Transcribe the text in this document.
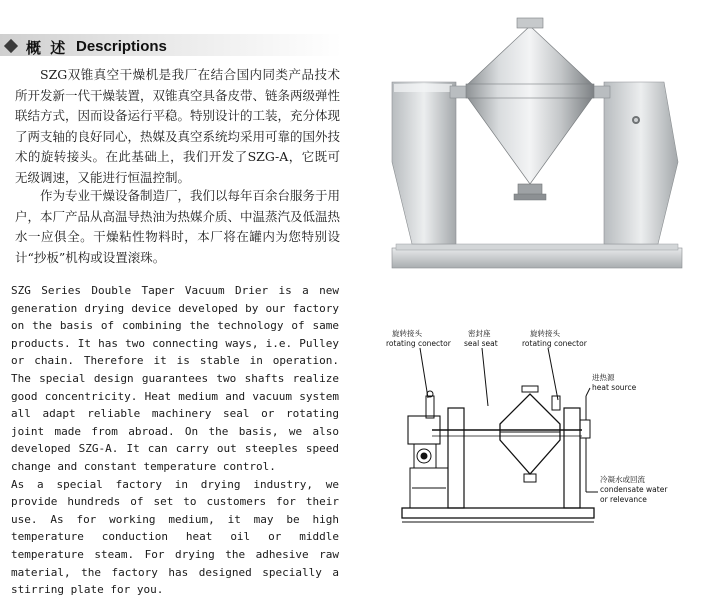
概 述 Descriptions

SZG双锥真空干燥机是我厂在结合国内同类产品技术所开发新一代干燥装置，双锥真空具备皮带、链条两级弹性联结方式，因而设备运行平稳。特别设计的工装，充分体现了两支轴的良好同心，热媒及真空系统均采用可靠的国外技术的旋转接头。在此基础上，我们开发了SZG-A，它既可无级调速，又能进行恒温控制。

作为专业干燥设备制造厂，我们以每年百余台服务于用户，本厂产品从高温导热油为热媒介质、中温蒸汽及低温热水一应俱全。干燥粘性物料时，本厂将在罐内为您特别设计“抄板”机构或设置滚珠。

SZG Series Double Taper Vacuum Drier is a new generation drying device developed by our factory on the basis of combining the technology of same products. It has two connecting ways, i.e. Pulley or chain. Therefore it is stable in operation. The special design guarantees two shafts realize good concentricity. Heat medium and vacuum system all adapt reliable machinery seal or rotating joint made from abroad. On the basis, we also developed SZG-A. It can carry out steeples speed change and constant temperature control.

As a special factory in drying industry, we provide hundreds of set to customers for their use. As for working medium, it may be high temperature conduction heat oil or middle temperature steam. For drying the adhesive raw material, the factory has designed specially a stirring plate for you.

旋转接头
rotating conector
密封座
seal seat
旋转接头
rotating conector
进热源
heat source
冷凝水或回流
condensate water
or relevance
